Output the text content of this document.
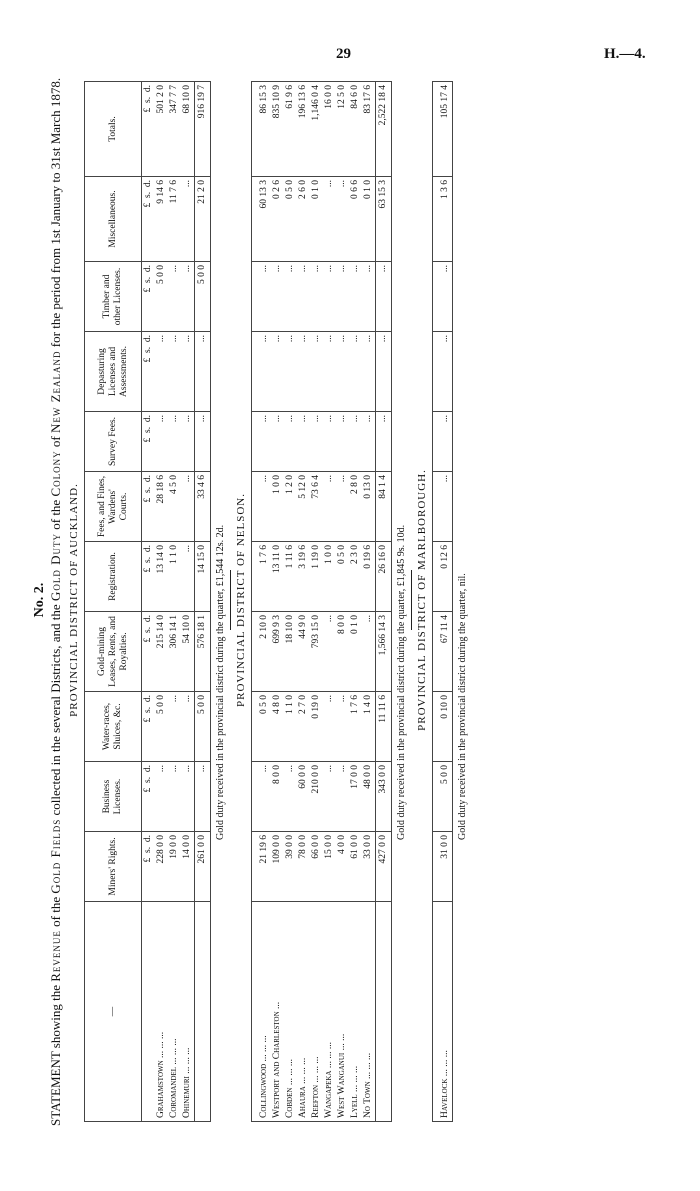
29	H.—4.
No. 2.
STATEMENT showing the Revenue of the Gold Fields collected in the several Districts, and the Gold Duty of the Colony of New Zealand for the period from 1st January to 31st March 1878.
PROVINCIAL DISTRICT OF AUCKLAND.
—	Miners' Rights.	Business Licenses.	Water-races, Sluices, &c.	Gold-mining Leases, Rents, and Royalties.	Registration.	Fees, and Fines, Wardens' Courts.	Survey Fees.	Depasturing Licenses and Assessments.	Timber and other Licenses.	Miscellaneous.	Totals.
	£  s.  d.	£  s.  d.	£  s.  d.	£  s.  d.	£  s.  d.	£  s.  d.	£  s.  d.	£  s.  d.	£  s.  d.	£  s.  d.	£  s.  d.
Grahamstown ... ... ...	228 0 0	...	5 0 0	215 14 0	13 14 0	28 18 6	...	...	5 0 0	9 14 6	501 2 0
Coromandel ... ... ...	19 0 0	...	...	306 14 1	1 1 0	4 5 0	...	...	...	11 7 6	347 7 7
Ohinemuri ... ... ...	14 0 0	...	...	54 10 0	...	...	...	...	...	...	68 10 0
	261 0 0	...	5 0 0	576 18 1	14 15 0	33 4 6	...	...	5 0 0	21 2 0	916 19 7
Gold duty received in the provincial district during the quarter, £1,544 12s. 2d. PROVINCIAL DISTRICT OF NELSON.

Collingwood ... ... ...	21 19 6	...	0 5 0	2 10 0	1 7 6	...	...	...	...	60 13 3	86 15 3
Westport and Charleston ...	109 0 0	8 0 0	4 8 0	699 9 3	13 11 0	1 0 0	...	...	...	0 2 6	835 10 9
Cobden ... ... ...	39 0 0	...	1 1 0	18 10 0	1 11 6	1 2 0	...	...	...	0 5 0	61 9 6
Ahaura ... ... ...	78 0 0	60 0 0	2 7 0	44 9 0	3 19 6	5 12 0	...	...	...	2 6 0	196 13 6
Reefton ... ... ...	66 0 0	210 0 0	0 19 0	793 15 0	1 19 0	73 6 4	...	...	...	0 1 0	1,146 0 4
Wangapeka ... ... ...	15 0 0	...	...	...	1 0 0	...	...	...	...	...	16 0 0
West Wanganui ... ...	4 0 0	...	...	8 0 0	0 5 0	...	...	...	...	...	12 5 0
Lyell ... ... ...	61 0 0	17 0 0	1 7 6	0 1 0	2 3 0	2 8 0	...	...	...	0 6 6	84 6 0
No Town ... ... ...	33 0 0	48 0 0	1 4 0	...	0 19 6	0 13 0	...	...	...	0 1 0	83 17 6
	427 0 0	343 0 0	11 11 6	1,566 14 3	26 16 0	84 1 4	...	...	...	63 15 3	2,522 18 4
Gold duty received in the provincial district during the quarter, £1,845 9s. 10d. PROVINCIAL DISTRICT OF MARLBOROUGH.

Havelock ... ... ...	31 0 0	5 0 0	0 10 0	67 11 4	0 12 6	...	...	...	...	1 3 6	105 17 4
Gold duty received in the provincial district during the quarter, nil.
